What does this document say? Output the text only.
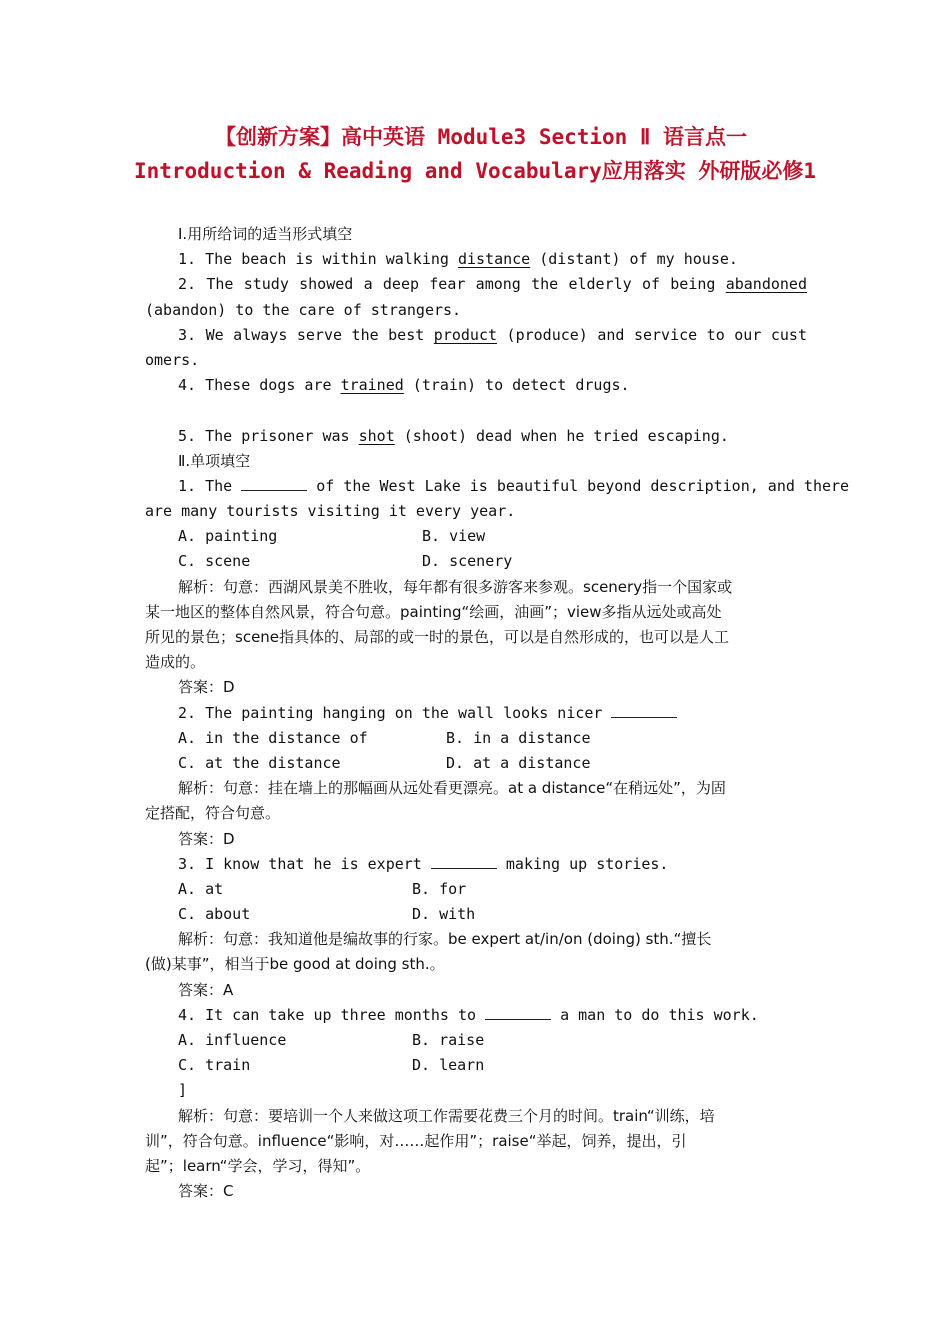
【创新方案】高中英语 Module3 Section Ⅱ 语言点一
Introduction & Reading and Vocabulary应用落实 外研版必修1
Ⅰ.用所给词的适当形式填空
1. The beach is within walking distance (distant) of my house.
2. The study showed a deep fear among the elderly of being abandoned
(abandon) to the care of strangers.
3. We always serve the best product (produce) and service to our cust
omers.
4. These dogs are trained (train) to detect drugs.
5. The prisoner was shot (shoot) dead when he tried escaping.
Ⅱ.单项填空
1. The	of the West Lake is beautiful beyond description, and there
are many tourists visiting it every year.
A. painting	B. view
C. scene	D. scenery
解析：句意：西湖风景美不胜收，每年都有很多游客来参观。scenery指一个国家或
某一地区的整体自然风景，符合句意。painting“绘画，油画”；view多指从远处或高处
所见的景色；scene指具体的、局部的或一时的景色，可以是自然形成的，也可以是人工
造成的。
答案：D
2. The painting hanging on the wall looks nicer
A. in the distance of	B. in a distance
C. at the distance	D. at a distance
解析：句意：挂在墙上的那幅画从远处看更漂亮。at a distance“在稍远处”，为固
定搭配，符合句意。
答案：D
3. I know that he is expert	making up stories.
A. at	B. for
C. about	D. with
解析：句意：我知道他是编故事的行家。be expert at/in/on (doing) sth.“擅长
(做)某事”，相当于be good at doing sth.。
答案：A
4. It can take up three months to	a man to do this work.
A. influence	B. raise
C. train	D. learn
]
解析：句意：要培训一个人来做这项工作需要花费三个月的时间。train“训练，培
训”，符合句意。influence“影响，对……起作用”；raise“举起，饲养，提出，引
起”；learn“学会，学习，得知”。
答案：C
